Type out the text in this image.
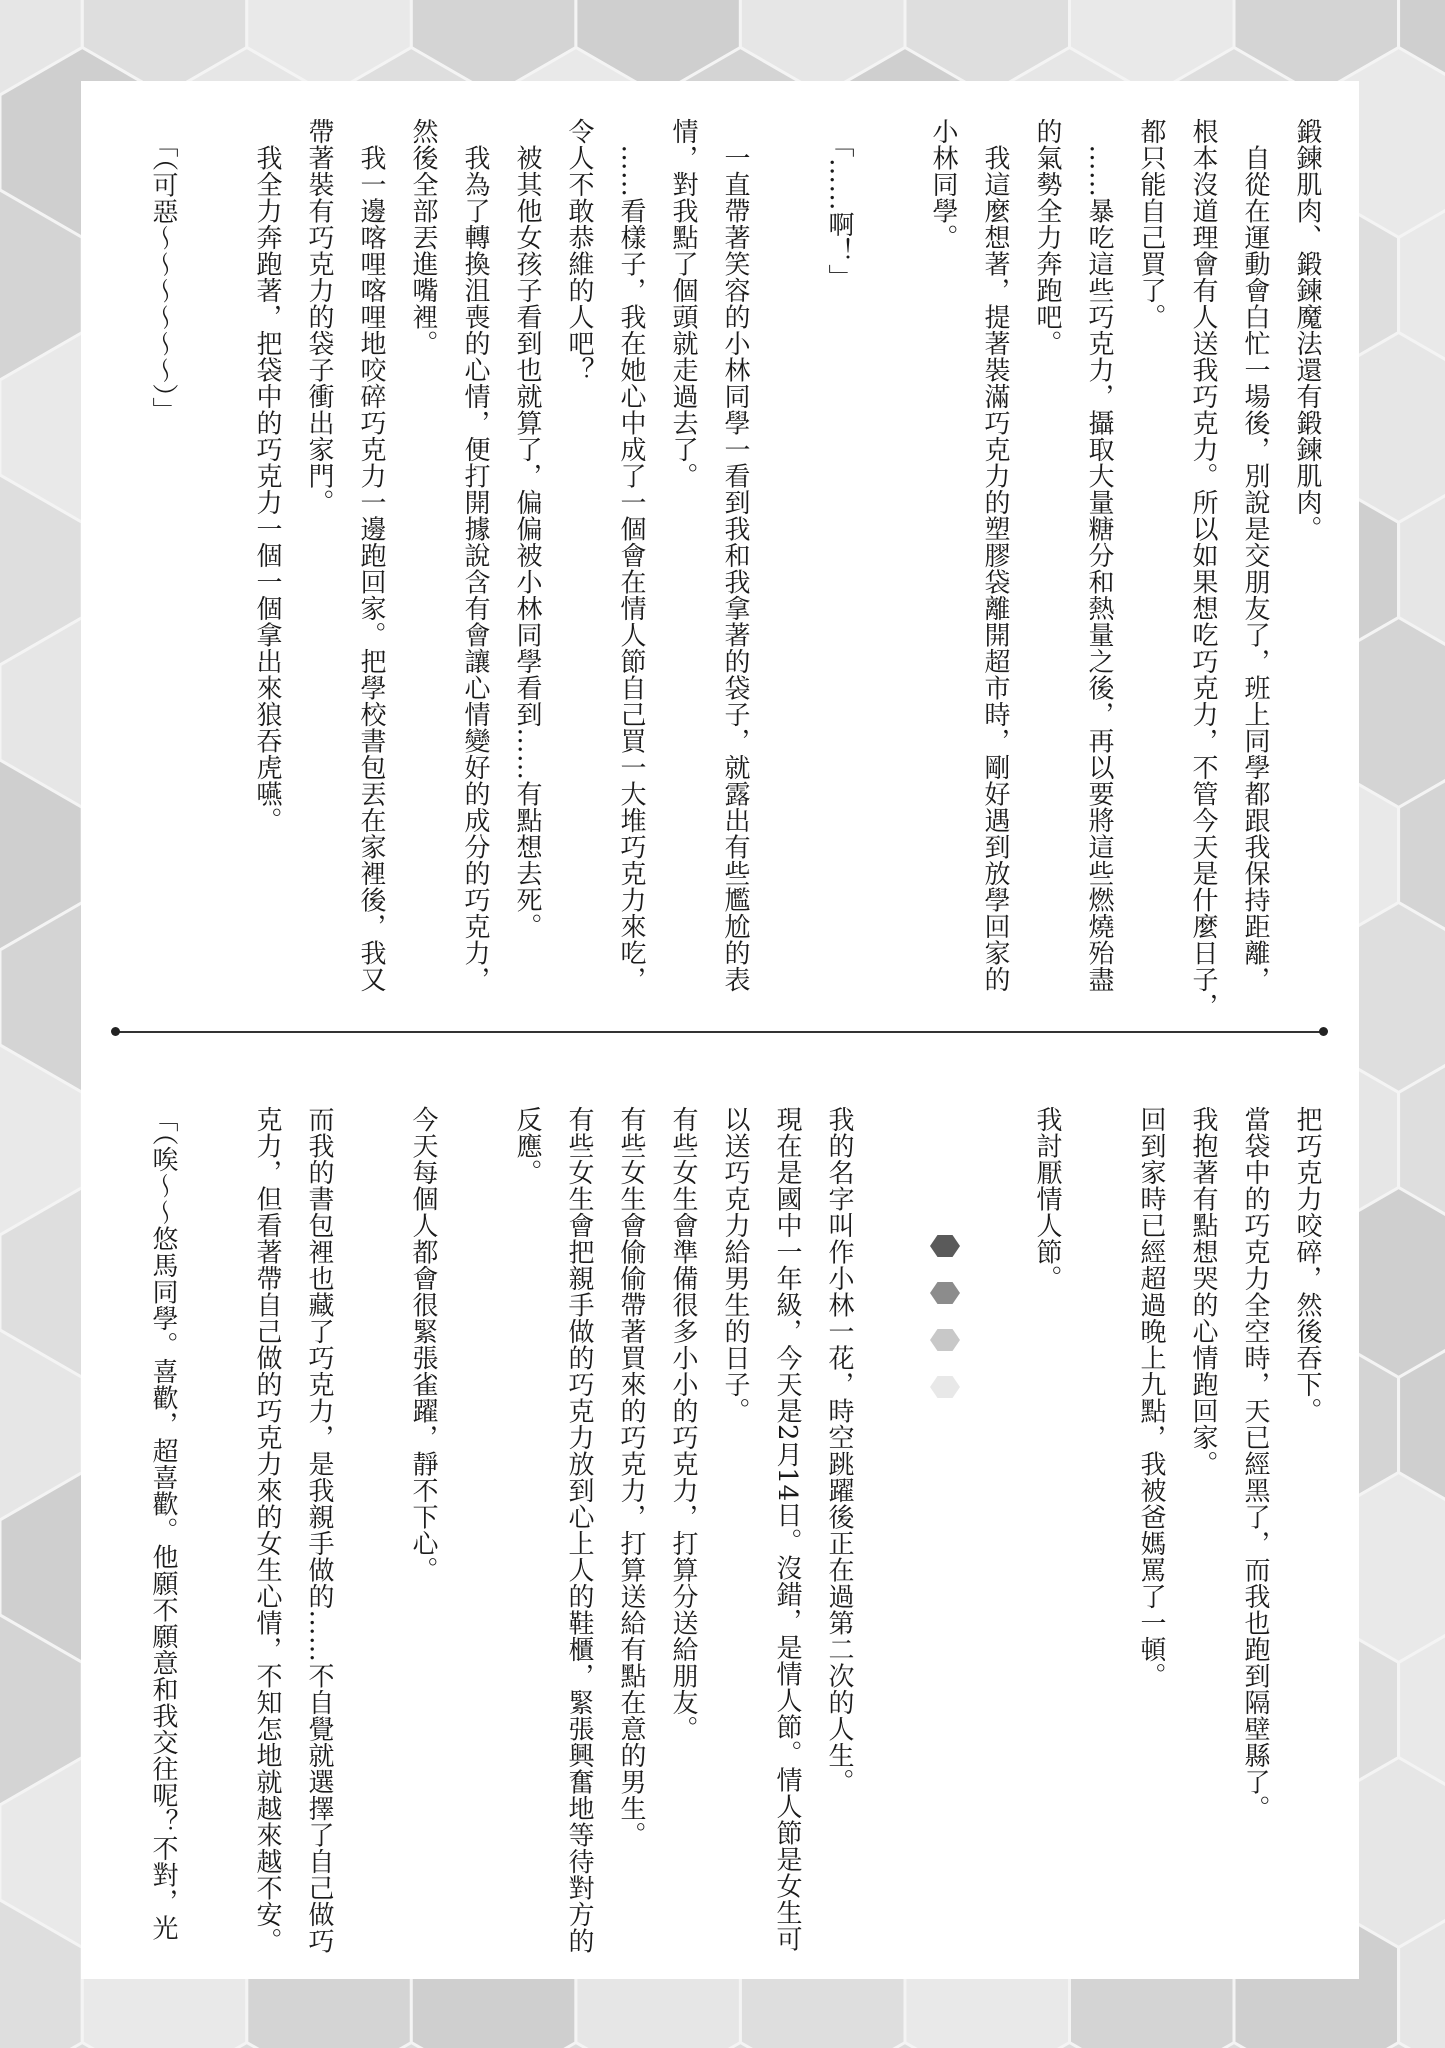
鍛鍊肌肉、鍛鍊魔法還有鍛鍊肌肉。
　自從在運動會白忙一場後，別說是交朋友了，班上同學都跟我保持距離，
根本沒道理會有人送我巧克力。所以如果想吃巧克力，不管今天是什麼日子，
都只能自己買了。
　……暴吃這些巧克力，攝取大量糖分和熱量之後，再以要將這些燃燒殆盡
的氣勢全力奔跑吧。
　我這麼想著，提著裝滿巧克力的塑膠袋離開超市時，剛好遇到放學回家的
小林同學。
　「……啊！」
　一直帶著笑容的小林同學一看到我和我拿著的袋子，就露出有些尷尬的表
情，對我點了個頭就走過去了。
　……看樣子，我在她心中成了一個會在情人節自己買一大堆巧克力來吃，
令人不敢恭維的人吧？
　被其他女孩子看到也就算了，偏偏被小林同學看到……有點想去死。
　我為了轉換沮喪的心情，便打開據說含有會讓心情變好的成分的巧克力，
然後全部丟進嘴裡。
　我一邊喀哩喀哩地咬碎巧克力一邊跑回家。把學校書包丟在家裡後，我又
帶著裝有巧克力的袋子衝出家門。
　我全力奔跑著，把袋中的巧克力一個一個拿出來狼吞虎嚥。
　「（可惡～～～～～～）」
把巧克力咬碎，然後吞下。
當袋中的巧克力全空時，天已經黑了，而我也跑到隔壁縣了。
我抱著有點想哭的心情跑回家。
回到家時已經超過晚上九點，我被爸媽罵了一頓。
我討厭情人節。
我的名字叫作小林一花，時空跳躍後正在過第二次的人生。
現在是國中一年級，今天是2月14日。沒錯，是情人節。情人節是女生可
以送巧克力給男生的日子。
有些女生會準備很多小小的巧克力，打算分送給朋友。
有些女生會偷偷帶著買來的巧克力，打算送給有點在意的男生。
有些女生會把親手做的巧克力放到心上人的鞋櫃，緊張興奮地等待對方的
反應。
今天每個人都會很緊張雀躍，靜不下心。
而我的書包裡也藏了巧克力，是我親手做的……不自覺就選擇了自己做巧
克力，但看著帶自己做的巧克力來的女生心情，不知怎地就越來越不安。
「（唉～～悠馬同學。喜歡，超喜歡。他願不願意和我交往呢？不對，光
